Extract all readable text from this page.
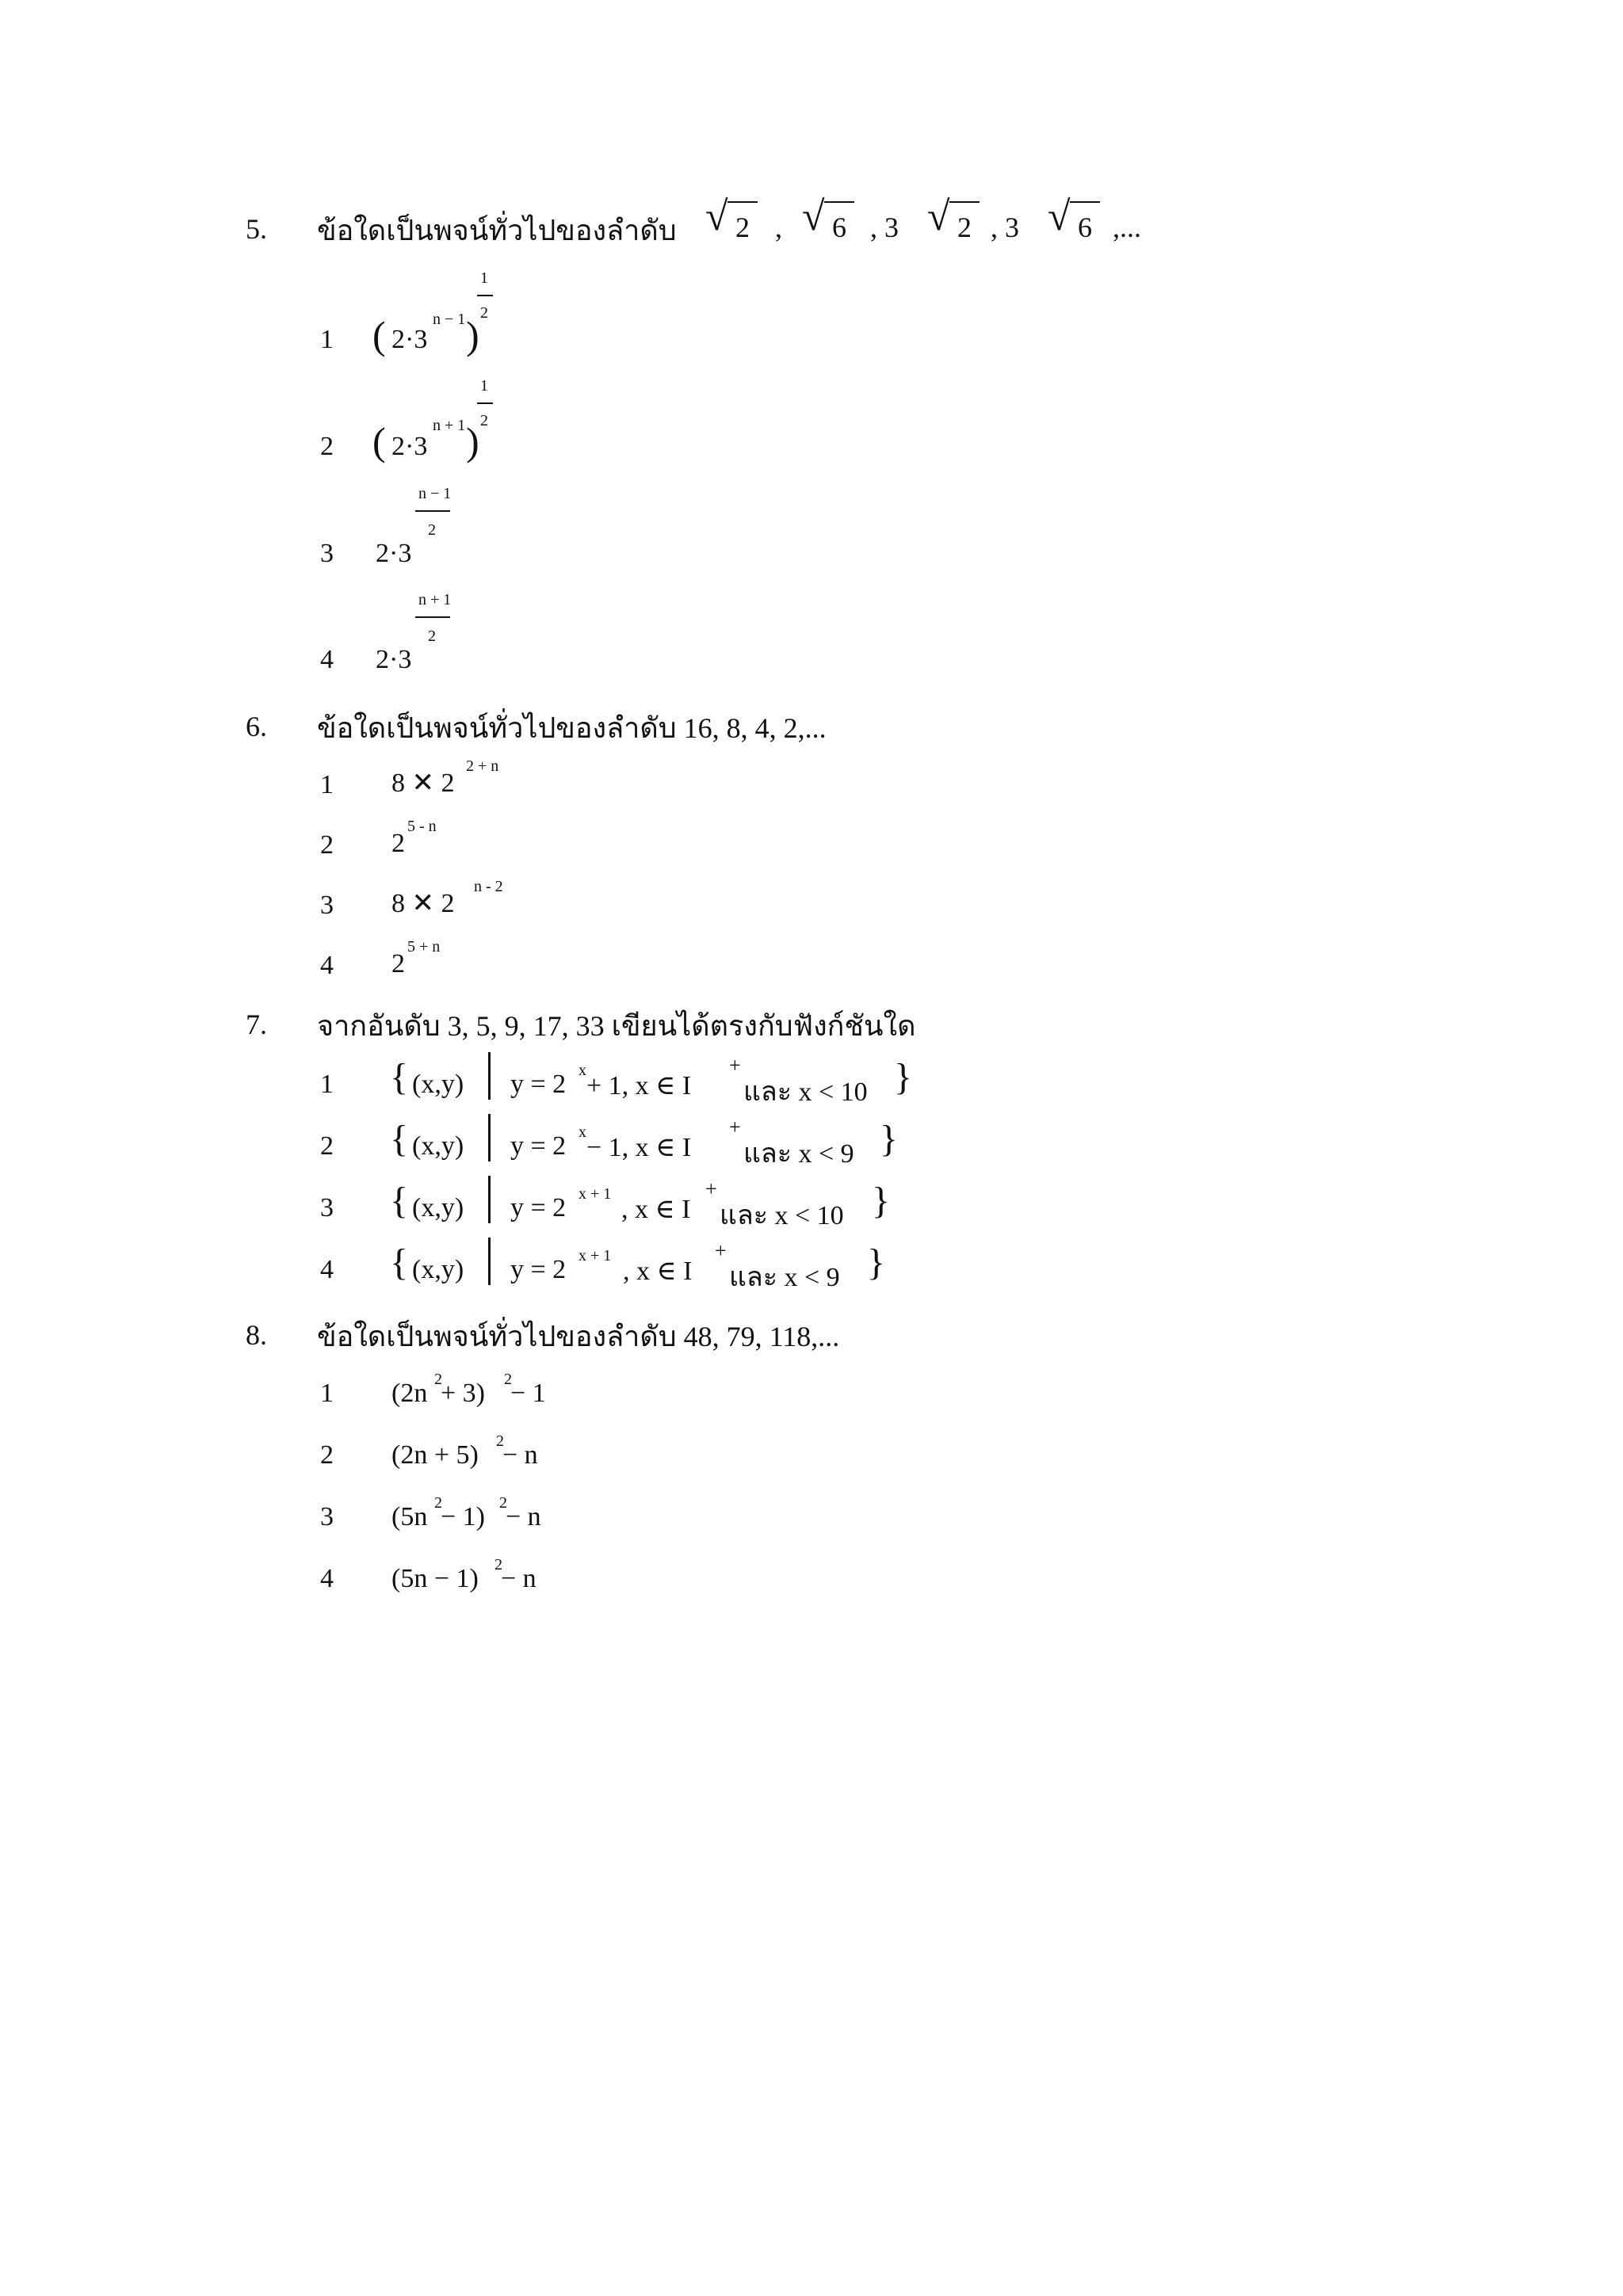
5. ข้อใดเป็นพจน์ทั่วไปของลำดับ √ 2 , √ 6 , 3 √ 2 , 3 √ 6 ,...
1 ( 2·3
n − 1 )
1
2
2 ( 2·3
n + 1 )
1
2
3 2·3
n − 1
2
4 2·3
n + 1
2
6. ข้อใดเป็นพจน์ทั่วไปของลำดับ 16, 8, 4, 2,...
1 8 ✕ 2
2 + n
2 2
5 - n
3 8 ✕ 2
n - 2
4 2
5 + n
7. จากอันดับ 3, 5, 9, 17, 33 เขียนได้ตรงกับฟังก์ชันใด
1 { (x,y) y = 2 x
+ 1, x ∈ I
+
และ x < 10 }
2 { (x,y) y = 2 x
− 1, x ∈ I
+
และ x < 9 }
3 { (x,y) y = 2 x + 1
, x ∈ I
+
และ x < 10 }
4 { (x,y) y = 2 x + 1
, x ∈ I
+
และ x < 9 }
8. ข้อใดเป็นพจน์ทั่วไปของลำดับ 48, 79, 118,...
1 (2n 2
+ 3) 2
− 1
2 (2n + 5) 2
− n
3 (5n 2
− 1) 2
− n
4 (5n − 1) 2
− n
